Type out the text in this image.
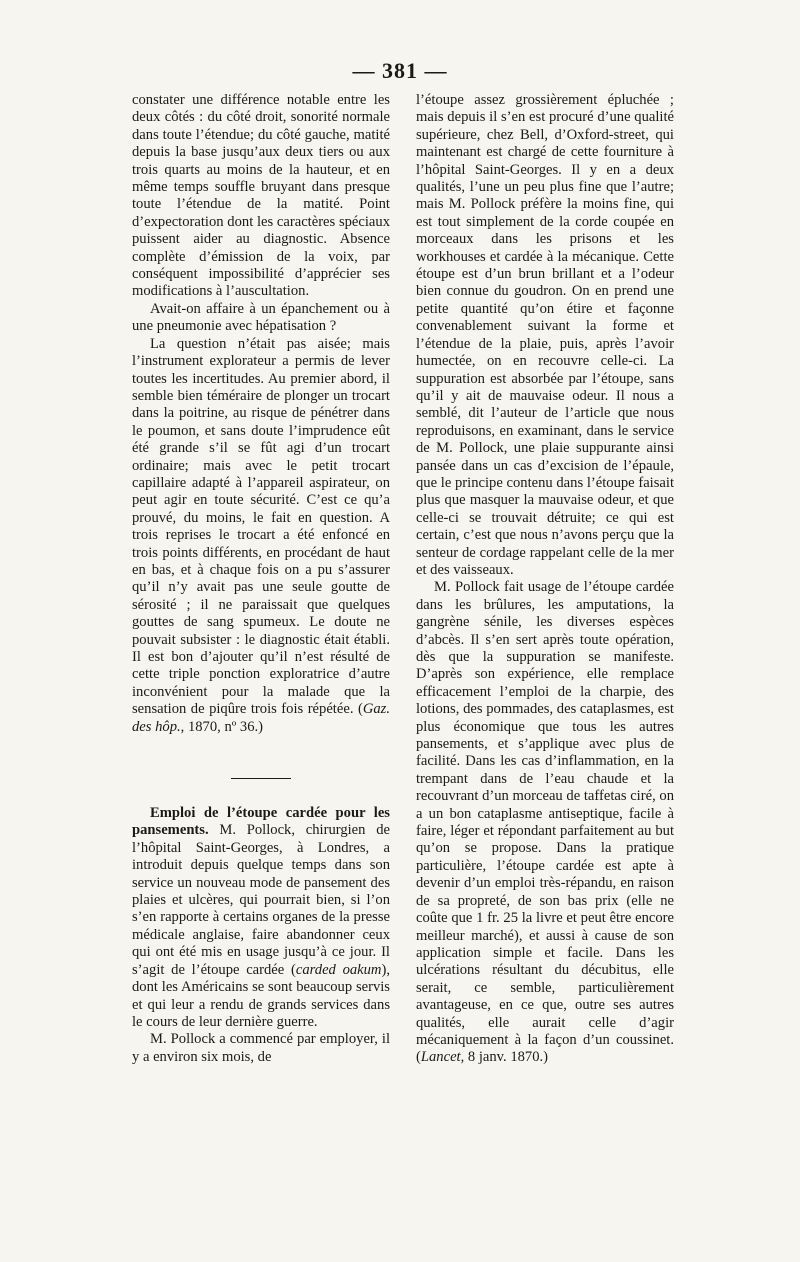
— 381 —

constater une différence notable entre les deux côtés : du côté droit, sonorité normale dans toute l’étendue; du côté gauche, matité depuis la base jusqu’aux deux tiers ou aux trois quarts au moins de la hauteur, et en même temps souffle bruyant dans presque toute l’étendue de la matité. Point d’expectoration dont les caractères spéciaux puissent aider au diagnostic. Absence complète d’émission de la voix, par conséquent impossibilité d’apprécier ses modifications à l’auscultation.

Avait-on affaire à un épanchement ou à une pneumonie avec hépatisation ?

La question n’était pas aisée; mais l’instrument explorateur a permis de lever toutes les incertitudes. Au premier abord, il semble bien téméraire de plonger un trocart dans la poitrine, au risque de pénétrer dans le poumon, et sans doute l’imprudence eût été grande s’il se fût agi d’un trocart ordinaire; mais avec le petit trocart capillaire adapté à l’appareil aspirateur, on peut agir en toute sécurité. C’est ce qu’a prouvé, du moins, le fait en question. A trois reprises le trocart a été enfoncé en trois points différents, en procédant de haut en bas, et à chaque fois on a pu s’assurer qu’il n’y avait pas une seule goutte de sérosité ; il ne paraissait que quelques gouttes de sang spumeux. Le doute ne pouvait subsister : le diagnostic était établi. Il est bon d’ajouter qu’il n’est résulté de cette triple ponction exploratrice d’autre inconvénient pour la malade que la sensation de piqûre trois fois répétée. (Gaz. des hôp., 1870, nº 36.)

Emploi de l’étoupe cardée pour les pansements. M. Pollock, chirurgien de l’hôpital Saint-Georges, à Londres, a introduit depuis quelque temps dans son service un nouveau mode de pansement des plaies et ulcères, qui pourrait bien, si l’on s’en rapporte à certains organes de la presse médicale anglaise, faire abandonner ceux qui ont été mis en usage jusqu’à ce jour. Il s’agit de l’étoupe cardée (carded oakum), dont les Américains se sont beaucoup servis et qui leur a rendu de grands services dans le cours de leur dernière guerre.

M. Pollock a commencé par employer, il y a environ six mois, de

l’étoupe assez grossièrement épluchée ; mais depuis il s’en est procuré d’une qualité supérieure, chez Bell, d’Oxford-street, qui maintenant est chargé de cette fourniture à l’hôpital Saint-Georges. Il y en a deux qualités, l’une un peu plus fine que l’autre; mais M. Pollock préfère la moins fine, qui est tout simplement de la corde coupée en morceaux dans les prisons et les workhouses et cardée à la mécanique. Cette étoupe est d’un brun brillant et a l’odeur bien connue du goudron. On en prend une petite quantité qu’on étire et façonne convenablement suivant la forme et l’étendue de la plaie, puis, après l’avoir humectée, on en recouvre celle-ci. La suppuration est absorbée par l’étoupe, sans qu’il y ait de mauvaise odeur. Il nous a semblé, dit l’auteur de l’article que nous reproduisons, en examinant, dans le service de M. Pollock, une plaie suppurante ainsi pansée dans un cas d’excision de l’épaule, que le principe contenu dans l’étoupe faisait plus que masquer la mauvaise odeur, et que celle-ci se trouvait détruite; ce qui est certain, c’est que nous n’avons perçu que la senteur de cordage rappelant celle de la mer et des vaisseaux.

M. Pollock fait usage de l’étoupe cardée dans les brûlures, les amputations, la gangrène sénile, les diverses espèces d’abcès. Il s’en sert après toute opération, dès que la suppuration se manifeste. D’après son expérience, elle remplace efficacement l’emploi de la charpie, des lotions, des pommades, des cataplasmes, est plus économique que tous les autres pansements, et s’applique avec plus de facilité. Dans les cas d’inflammation, en la trempant dans de l’eau chaude et la recouvrant d’un morceau de taffetas ciré, on a un bon cataplasme antiseptique, facile à faire, léger et répondant parfaitement au but qu’on se propose. Dans la pratique particulière, l’étoupe cardée est apte à devenir d’un emploi très-répandu, en raison de sa propreté, de son bas prix (elle ne coûte que 1 fr. 25 la livre et peut être encore meilleur marché), et aussi à cause de son application simple et facile. Dans les ulcérations résultant du décubitus, elle serait, ce semble, particulièrement avantageuse, en ce que, outre ses autres qualités, elle aurait celle d’agir mécaniquement à la façon d’un coussinet. (Lancet, 8 janv. 1870.)
